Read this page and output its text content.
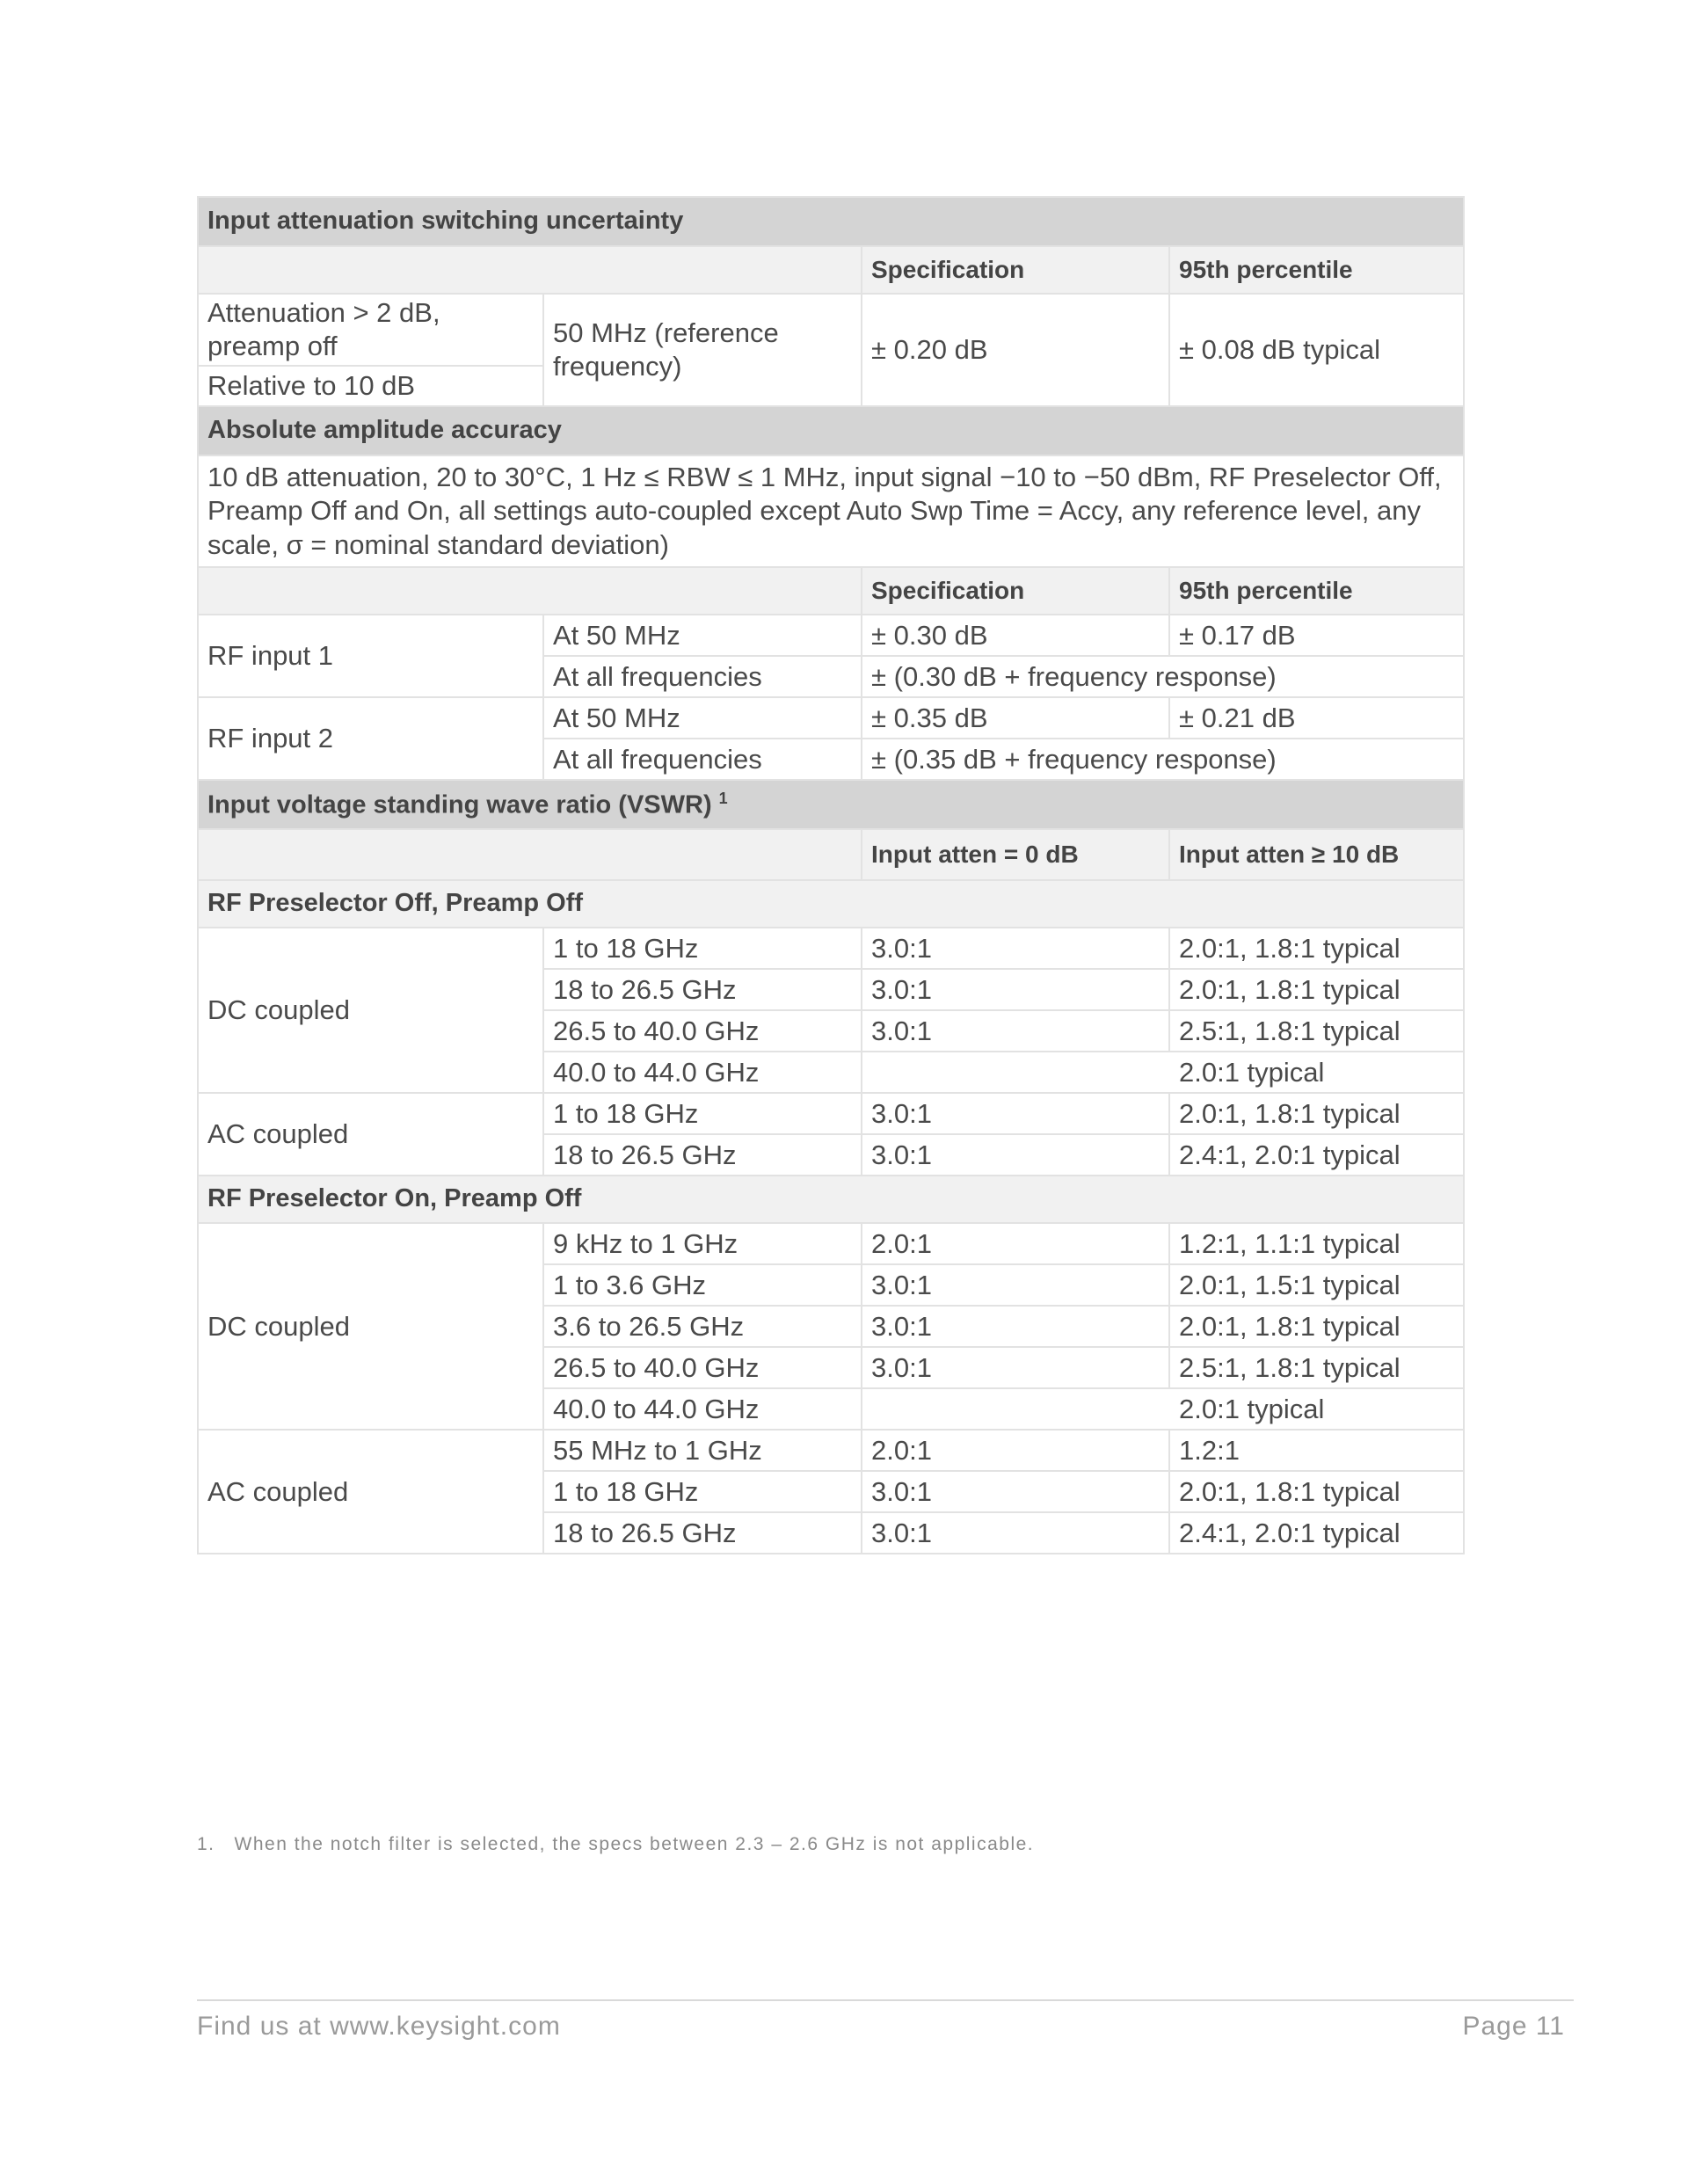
Input attenuation switching uncertainty			
		Specification	95th percentile
Attenuation > 2 dB, preamp off	50 MHz (reference frequency)	± 0.20 dB	± 0.08 dB typical
Relative to 10 dB			
Absolute amplitude accuracy			
10 dB attenuation, 20 to 30°C, 1 Hz ≤ RBW ≤ 1 MHz, input signal −10 to −50 dBm, RF Preselector Off, Preamp Off and On, all settings auto-coupled except Auto Swp Time = Accy, any reference level, any scale, σ = nominal standard deviation)			
		Specification	95th percentile
RF input 1	At 50 MHz	± 0.30 dB	± 0.17 dB
	At all frequencies	± (0.30 dB + frequency response)	
RF input 2	At 50 MHz	± 0.35 dB	± 0.21 dB
	At all frequencies	± (0.35 dB + frequency response)	
Input voltage standing wave ratio (VSWR) $^1$
		Input atten = 0 dB	Input atten ≥ 10 dB
RF Preselector Off, Preamp Off			
DC coupled	1 to 18 GHz	3.0:1	2.0:1, 1.8:1 typical
	18 to 26.5 GHz	3.0:1	2.0:1, 1.8:1 typical
	26.5 to 40.0 GHz	3.0:1	2.5:1, 1.8:1 typical
	40.0 to 44.0 GHz		2.0:1 typical
AC coupled	1 to 18 GHz	3.0:1	2.0:1, 1.8:1 typical
	18 to 26.5 GHz	3.0:1	2.4:1, 2.0:1 typical
RF Preselector On, Preamp Off			
DC coupled	9 kHz to 1 GHz	2.0:1	1.2:1, 1.1:1 typical
	1 to 3.6 GHz	3.0:1	2.0:1, 1.5:1 typical
	3.6 to 26.5 GHz	3.0:1	2.0:1, 1.8:1 typical
	26.5 to 40.0 GHz	3.0:1	2.5:1, 1.8:1 typical
	40.0 to 44.0 GHz		2.0:1 typical
AC coupled	55 MHz to 1 GHz	2.0:1	1.2:1
	1 to 18 GHz	3.0:1	2.0:1, 1.8:1 typical
	18 to 26.5 GHz	3.0:1	2.4:1, 2.0:1 typical
1.   When the notch filter is selected, the specs between 2.3 – 2.6 GHz is not applicable.
Find us at www.keysight.com	Page 11
